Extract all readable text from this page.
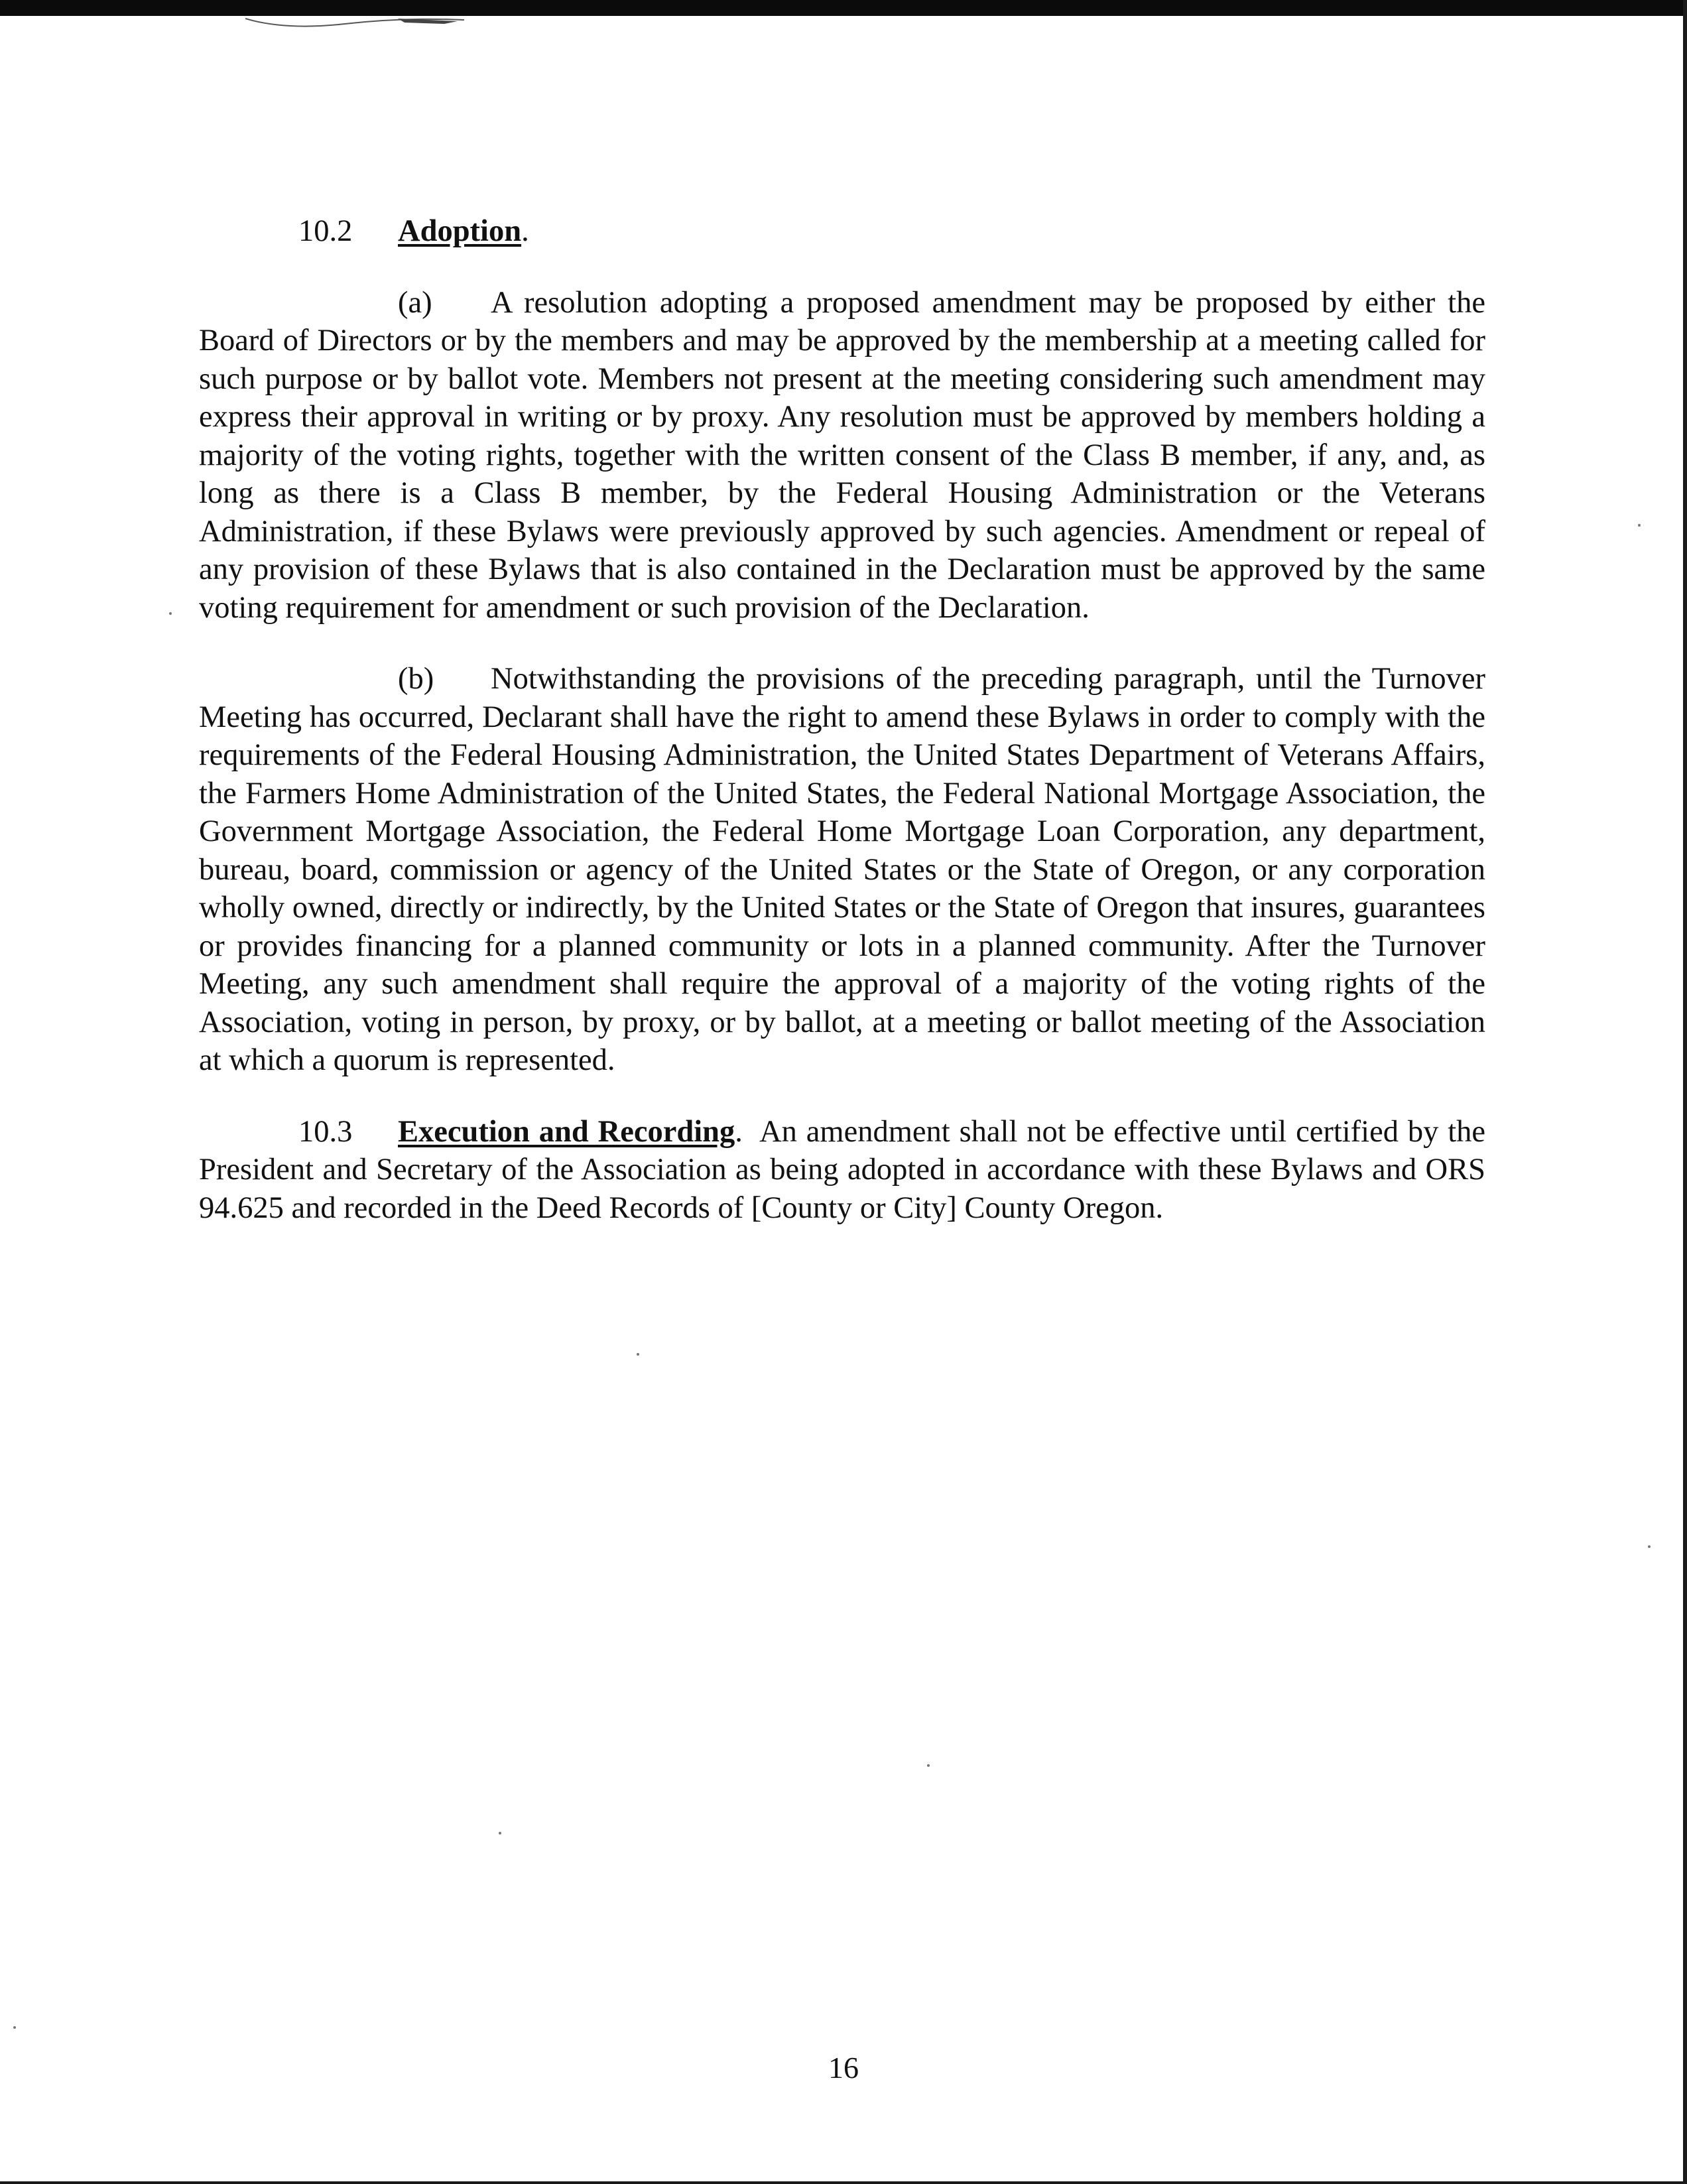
10.2 Adoption.

(a) A resolution adopting a proposed amendment may be proposed by either the Board of Directors or by the members and may be approved by the membership at a meeting called for such purpose or by ballot vote. Members not present at the meeting considering such amendment may express their approval in writing or by proxy. Any resolution must be approved by members holding a majority of the voting rights, together with the written consent of the Class B member, if any, and, as long as there is a Class B member, by the Federal Housing Administration or the Veterans Administration, if these Bylaws were previously approved by such agencies. Amendment or repeal of any provision of these Bylaws that is also contained in the Declaration must be approved by the same voting requirement for amendment or such provision of the Declaration.

(b) Notwithstanding the provisions of the preceding paragraph, until the Turnover Meeting has occurred, Declarant shall have the right to amend these Bylaws in order to comply with the requirements of the Federal Housing Administration, the United States Department of Veterans Affairs, the Farmers Home Administration of the United States, the Federal National Mortgage Association, the Government Mortgage Association, the Federal Home Mortgage Loan Corporation, any department, bureau, board, commission or agency of the United States or the State of Oregon, or any corporation wholly owned, directly or indirectly, by the United States or the State of Oregon that insures, guarantees or provides financing for a planned community or lots in a planned community. After the Turnover Meeting, any such amendment shall require the approval of a majority of the voting rights of the Association, voting in person, by proxy, or by ballot, at a meeting or ballot meeting of the Association at which a quorum is represented.

10.3 Execution and Recording. An amendment shall not be effective until certified by the President and Secretary of the Association as being adopted in accordance with these Bylaws and ORS 94.625 and recorded in the Deed Records of [County or City] County Oregon.

16
